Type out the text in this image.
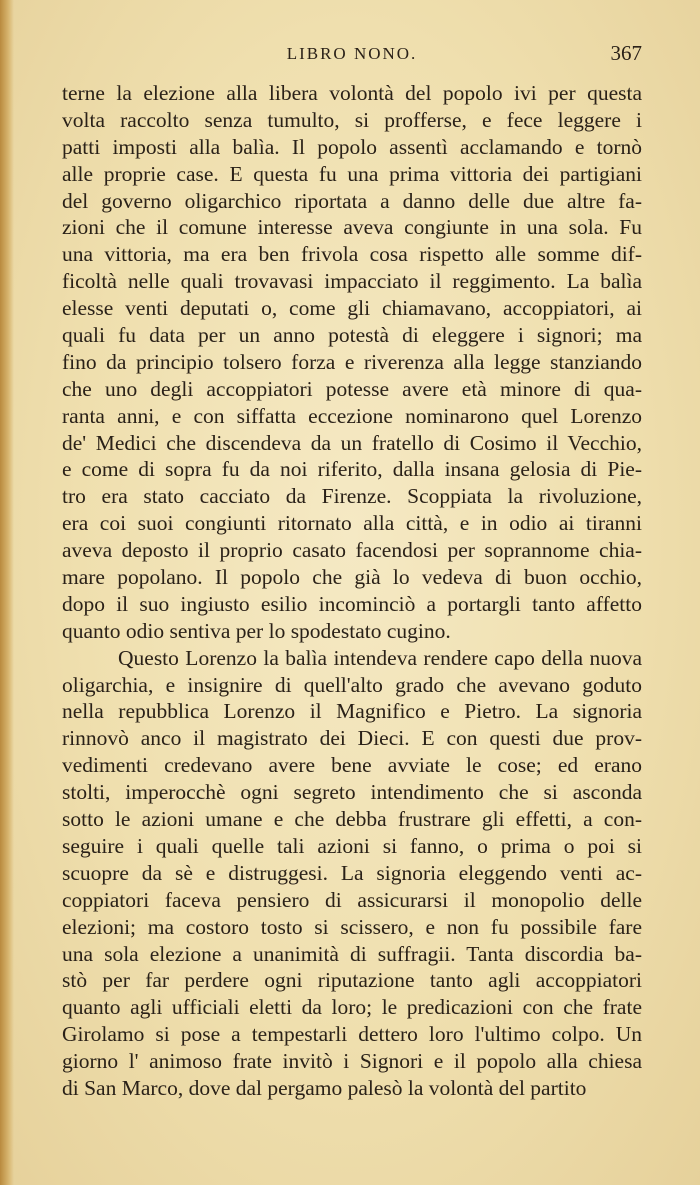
LIBRO NONO.	367
terne la elezione alla libera volontà del popolo ivi per questa
volta raccolto senza tumulto, si profferse, e fece leggere i
patti imposti alla balìa. Il popolo assentì acclamando e tornò
alle proprie case. E questa fu una prima vittoria dei partigiani
del governo oligarchico riportata a danno delle due altre fa-
zioni che il comune interesse aveva congiunte in una sola. Fu
una vittoria, ma era ben frivola cosa rispetto alle somme dif-
ficoltà nelle quali trovavasi impacciato il reggimento. La balìa
elesse venti deputati o, come gli chiamavano, accoppiatori, ai
quali fu data per un anno potestà di eleggere i signori; ma
fino da principio tolsero forza e riverenza alla legge stanziando
che uno degli accoppiatori potesse avere età minore di qua-
ranta anni, e con siffatta eccezione nominarono quel Lorenzo
de' Medici che discendeva da un fratello di Cosimo il Vecchio,
e come di sopra fu da noi riferito, dalla insana gelosia di Pie-
tro era stato cacciato da Firenze. Scoppiata la rivoluzione,
era coi suoi congiunti ritornato alla città, e in odio ai tiranni
aveva deposto il proprio casato facendosi per soprannome chia-
mare popolano. Il popolo che già lo vedeva di buon occhio,
dopo il suo ingiusto esilio incominciò a portargli tanto affetto
quanto odio sentiva per lo spodestato cugino.
Questo Lorenzo la balìa intendeva rendere capo della nuova
oligarchia, e insignire di quell'alto grado che avevano goduto
nella repubblica Lorenzo il Magnifico e Pietro. La signoria
rinnovò anco il magistrato dei Dieci. E con questi due prov-
vedimenti credevano avere bene avviate le cose; ed erano
stolti, imperocchè ogni segreto intendimento che si asconda
sotto le azioni umane e che debba frustrare gli effetti, a con-
seguire i quali quelle tali azioni si fanno, o prima o poi si
scuopre da sè e distruggesi. La signoria eleggendo venti ac-
coppiatori faceva pensiero di assicurarsi il monopolio delle
elezioni; ma costoro tosto si scissero, e non fu possibile fare
una sola elezione a unanimità di suffragii. Tanta discordia ba-
stò per far perdere ogni riputazione tanto agli accoppiatori
quanto agli ufficiali eletti da loro; le predicazioni con che frate
Girolamo si pose a tempestarli dettero loro l'ultimo colpo. Un
giorno l' animoso frate invitò i Signori e il popolo alla chiesa
di San Marco, dove dal pergamo palesò la volontà del partito
